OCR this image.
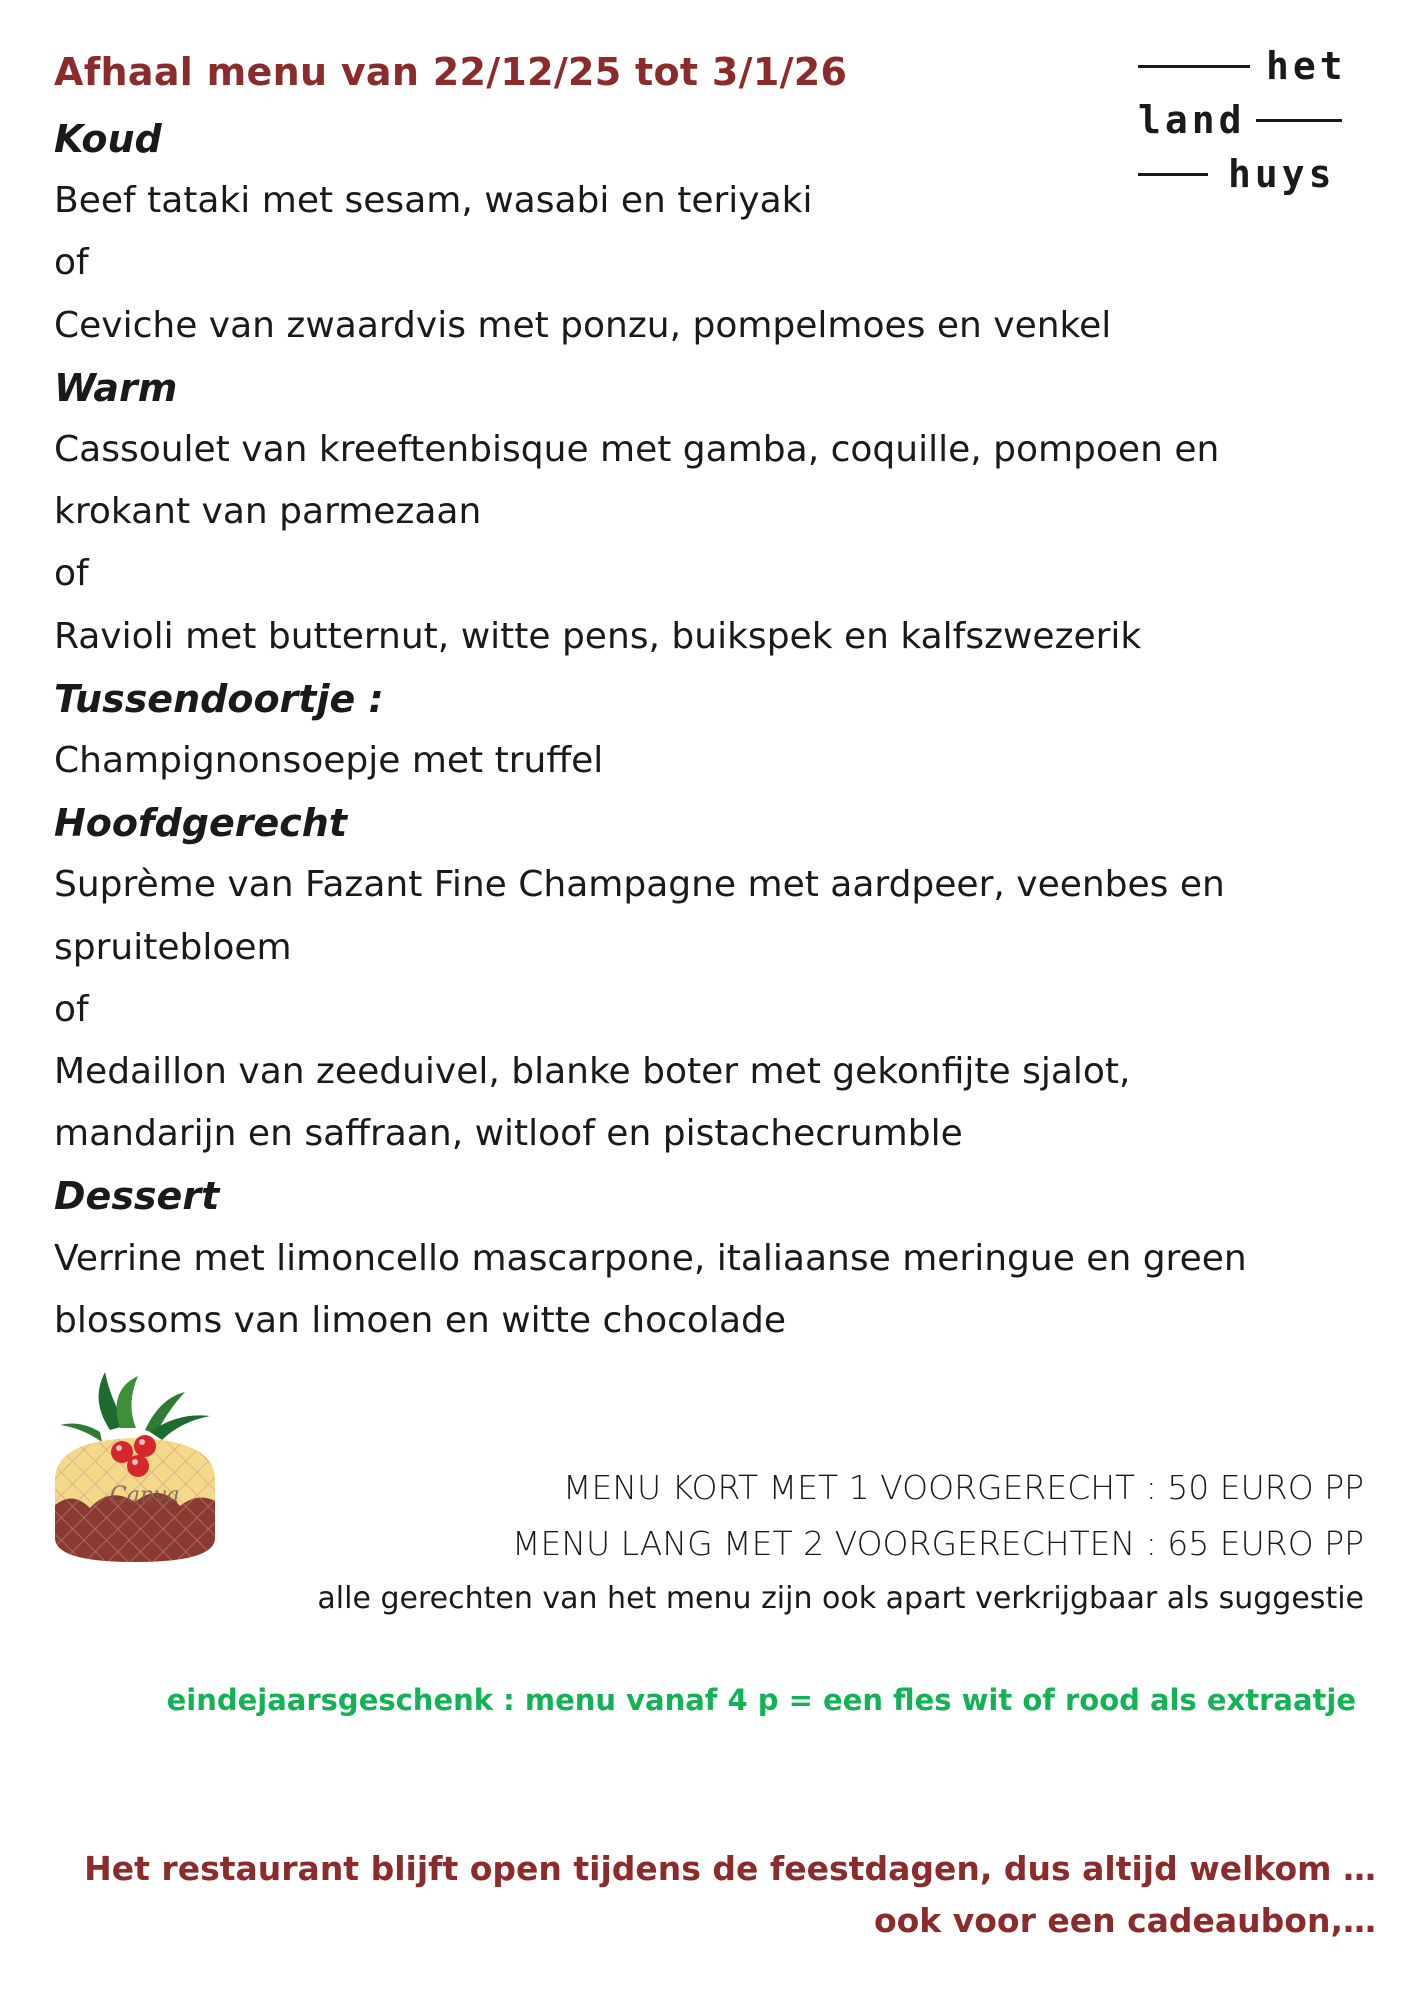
Afhaal menu van 22/12/25 tot 3/1/26	het
land
huys
Koud
Beef tataki met sesam, wasabi en teriyaki
of
Ceviche van zwaardvis met ponzu, pompelmoes en venkel
Warm
Cassoulet van kreeftenbisque met gamba, coquille, pompoen en
krokant van parmezaan
of
Ravioli met butternut, witte pens, buikspek en kalfszwezerik
Tussendoortje :
Champignonsoepje met truffel
Hoofdgerecht
Suprème van Fazant Fine Champagne met aardpeer, veenbes en
spruitebloem
of
Medaillon van zeeduivel, blanke boter met gekonfijte sjalot,
mandarijn en saffraan, witloof en pistachecrumble
Dessert
Verrine met limoncello mascarpone, italiaanse meringue en green
blossoms van limoen en witte chocolade
Canva	MENU KORT MET 1 VOORGERECHT : 50 EURO PP
MENU LANG MET 2 VOORGERECHTEN : 65 EURO PP
alle gerechten van het menu zijn ook apart verkrijgbaar als suggestie
eindejaarsgeschenk : menu vanaf 4 p = een fles wit of rood als extraatje
Het restaurant blijft open tijdens de feestdagen, dus altijd welkom …
ook voor een cadeaubon,…
